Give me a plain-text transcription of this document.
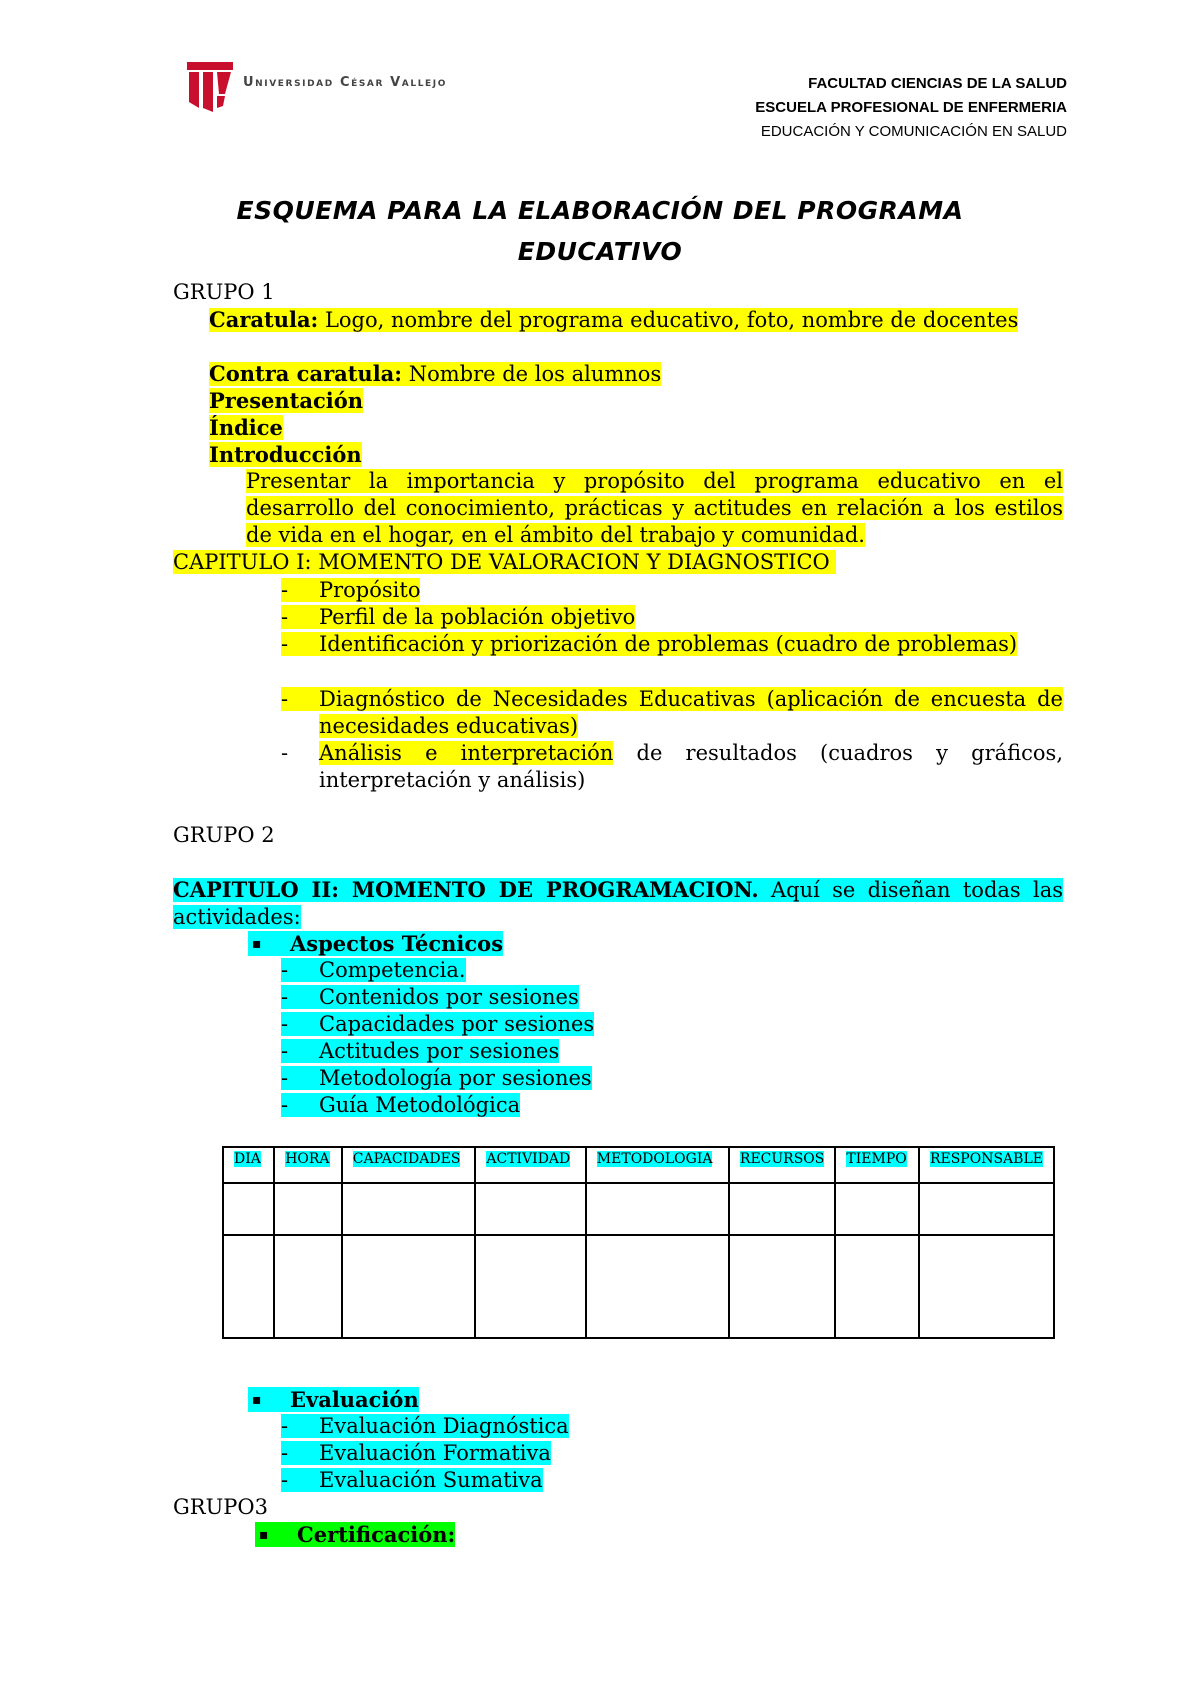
Universidad César Vallejo	FACULTAD CIENCIAS DE LA SALUD
ESCUELA PROFESIONAL DE ENFERMERIA
EDUCACIÓN Y COMUNICACIÓN EN SALUD
ESQUEMA PARA LA ELABORACIÓN DEL PROGRAMA EDUCATIVO
GRUPO 1
Caratula: Logo, nombre del programa educativo, foto, nombre de docentes
Contra caratula: Nombre de los alumnos
Presentación
Índice
Introducción
Presentar la importancia y propósito del programa educativo en el desarrollo del conocimiento, prácticas y actitudes en relación a los estilos de vida en el hogar, en el ámbito del trabajo y comunidad.
CAPITULO I: MOMENTO DE VALORACION Y DIAGNOSTICO
- Propósito
- Perfil de la población objetivo
-	Identificación y priorización de problemas (cuadro de problemas)
-	Diagnóstico de Necesidades Educativas (aplicación de encuesta de necesidades educativas)
-	Análisis e interpretación de resultados (cuadros y gráficos, interpretación y análisis)
GRUPO 2
CAPITULO II: MOMENTO DE PROGRAMACION. Aquí se diseñan todas las actividades:
▪ Aspectos Técnicos
- Competencia.
- Contenidos por sesiones
- Capacidades por sesiones
- Actitudes por sesiones
- Metodología por sesiones
- Guía Metodológica
DIA	HORA	CAPACIDADES	ACTIVIDAD	METODOLOGIA	RECURSOS	TIEMPO	RESPONSABLE

▪ Evaluación
- Evaluación Diagnóstica
- Evaluación Formativa
- Evaluación Sumativa
GRUPO3
▪ Certificación:
